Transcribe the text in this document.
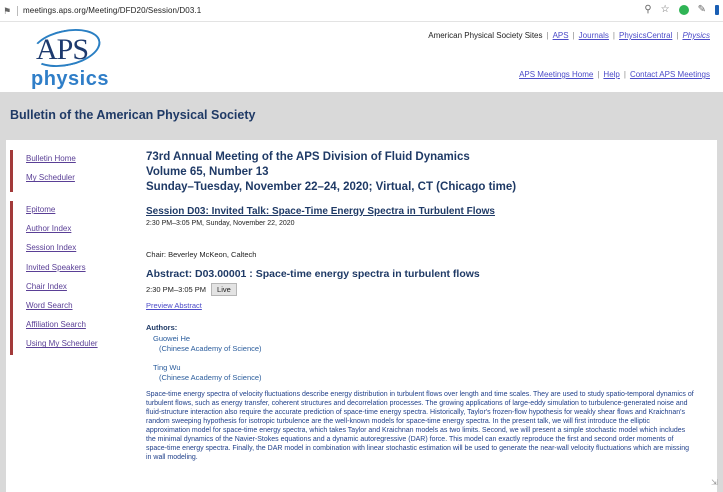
⚑ meetings.aps.org/Meeting/DFD20/Session/D03.1	⚲ ☆	✎
APS
physics
American Physical Society Sites | APS | Journals | PhysicsCentral | Physics
APS Meetings Home | Help | Contact APS Meetings
Bulletin of the American Physical Society
Bulletin Home
My Scheduler
Epitome
Author Index
Session Index
Invited Speakers
Chair Index
Word Search
Affiliation Search
Using My Scheduler
73rd Annual Meeting of the APS Division of Fluid Dynamics
Volume 65, Number 13
Sunday–Tuesday, November 22–24, 2020; Virtual, CT (Chicago time)
Session D03: Invited Talk: Space-Time Energy Spectra in Turbulent Flows
2:30 PM–3:05 PM, Sunday, November 22, 2020
Chair: Beverley McKeon, Caltech
Abstract: D03.00001 : Space-time energy spectra in turbulent flows
2:30 PM–3:05 PM	Live
Preview Abstract
Authors:
Guowei He
(Chinese Academy of Science)
Ting Wu
(Chinese Academy of Science)
Space-time energy spectra of velocity fluctuations describe energy distribution in turbulent flows over length and time scales. They are used to study spatio-temporal dynamics of turbulent flows, such as energy transfer, coherent structures and decorrelation processes. The growing applications of large-eddy simulation to turbulence-generated noise and fluid-structure interaction also require the accurate prediction of space-time energy spectra. Historically, Taylor's frozen-flow hypothesis for weakly shear flows and Kraichnan's random sweeping hypothesis for isotropic turbulence are the well-known models for space-time energy spectra. In the present talk, we will first introduce the elliptic approximation model for space-time energy spectra, which takes Taylor and Kraichnan models as two limits. Second, we will present a simple stochastic model which includes the minimal dynamics of the Navier-Stokes equations and a dynamic autoregressive (DAR) force. This model can exactly reproduce the first and second order moments of space-time energy spectra. Finally, the DAR model in combination with linear stochastic estimation will be used to generate the near-wall velocity fluctuations which are missing in wall modeling.
⇲
